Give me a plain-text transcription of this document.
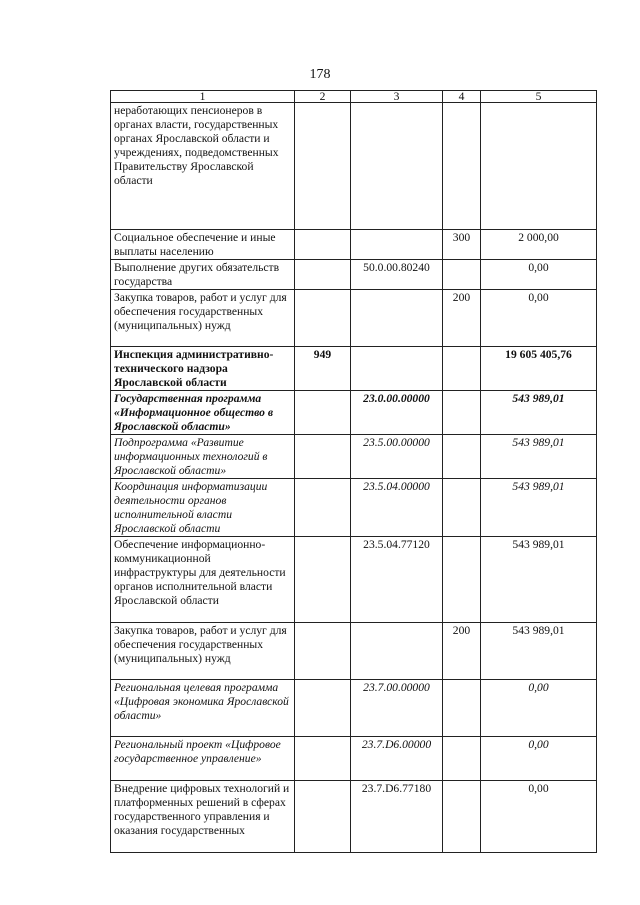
178
1	2	3	4	5
неработающих пенсионеров в органах власти, государственных органах Ярославской области и учреждениях, подведомственных Правительству Ярославской области				
Социальное обеспечение и иные выплаты населению			300	2 000,00
Выполнение других обязательств государства		50.0.00.80240		0,00
Закупка товаров, работ и услуг для обеспечения государственных (муниципальных) нужд			200	0,00
Инспекция административно-технического надзора Ярославской области	949			19 605 405,76
Государственная программа «Информационное общество в Ярославской области»		23.0.00.00000		543 989,01
Подпрограмма «Развитие информационных технологий в Ярославской области»		23.5.00.00000		543 989,01
Координация информатизации деятельности органов исполнительной власти Ярославской области		23.5.04.00000		543 989,01
Обеспечение информационно-коммуникационной инфраструктуры для деятельности органов исполнительной власти Ярославской области		23.5.04.77120		543 989,01
Закупка товаров, работ и услуг для обеспечения государственных (муниципальных) нужд			200	543 989,01
Региональная целевая программа «Цифровая экономика Ярославской области»		23.7.00.00000		0,00
Региональный проект «Цифровое государственное управление»		23.7.D6.00000		0,00
Внедрение цифровых технологий и платформенных решений в сферах государственного управления и оказания государственных		23.7.D6.77180		0,00
